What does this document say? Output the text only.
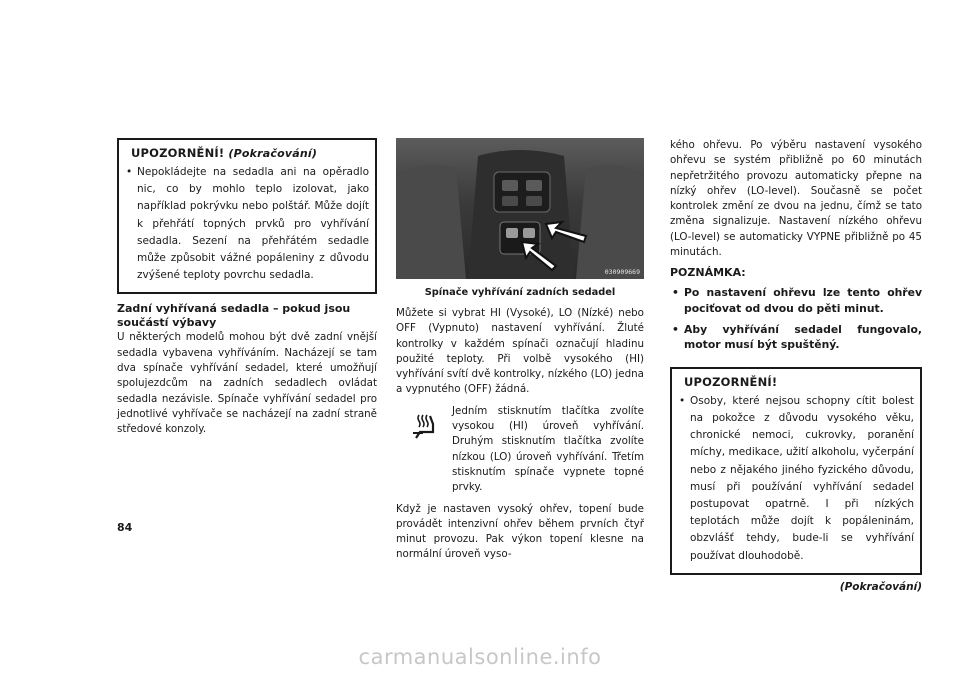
UPOZORNĚNÍ! (Pokračování)
• Nepokládejte na sedadla ani na opěradlo nic, co by mohlo teplo izolovat, jako například pokrývku nebo polštář. Může dojít k přehřátí topných prvků pro vyhřívání sedadla. Sezení na přehřátém sedadle může způsobit vážné popáleniny z důvodu zvýšené teploty povrchu sedadla.
Zadní vyhřívaná sedadla – pokud jsou součástí výbavy

U některých modelů mohou být dvě zadní vnější sedadla vybavena vyhříváním. Nacházejí se tam dva spínače vyhřívání sedadel, které umožňují spolujezdcům na zadních sedadlech ovládat sedadla nezávisle. Spínače vyhřívání sedadel pro jednotlivé vyhřívače se nacházejí na zadní straně středové konzoly.

030909669
Spínače vyhřívání zadních sedadel

Můžete si vybrat HI (Vysoké), LO (Nízké) nebo OFF (Vypnuto) nastavení vyhřívání. Žluté kontrolky v každém spínači označují hladinu použité teploty. Při volbě vysokého (HI) vyhřívání svítí dvě kontrolky, nízkého (LO) jedna a vypnutého (OFF) žádná.

Jedním stisknutím tlačítka zvolíte vysokou (HI) úroveň vyhřívání. Druhým stisknutím tlačítka zvolíte nízkou (LO) úroveň vyhřívání. Třetím stisknutím spínače vypnete topné prvky.

Když je nastaven vysoký ohřev, topení bude provádět intenzivní ohřev během prvních čtyř minut provozu. Pak výkon topení klesne na normální úroveň vyso-

kého ohřevu. Po výběru nastavení vysokého ohřevu se systém přibližně po 60 minutách nepřetržitého provozu automaticky přepne na nízký ohřev (LO-level). Současně se počet kontrolek změní ze dvou na jednu, čímž se tato změna signalizuje. Nastavení nízkého ohřevu (LO-level) se automaticky VYPNE přibližně po 45 minutách.

POZNÁMKA:
• Po nastavení ohřevu lze tento ohřev pociťovat od dvou do pěti minut.
• Aby vyhřívání sedadel fungovalo, motor musí být spuštěný.
UPOZORNĚNÍ!
• Osoby, které nejsou schopny cítit bolest na pokožce z důvodu vysokého věku, chronické nemoci, cukrovky, poranění míchy, medikace, užití alkoholu, vyčerpání nebo z nějakého jiného fyzického důvodu, musí při používání vyhřívání sedadel postupovat opatrně. I při nízkých teplotách může dojít k popáleninám, obzvlášť tehdy, bude-li se vyhřívání používat dlouhodobě.
(Pokračování)
84
carmanualsonline.info
